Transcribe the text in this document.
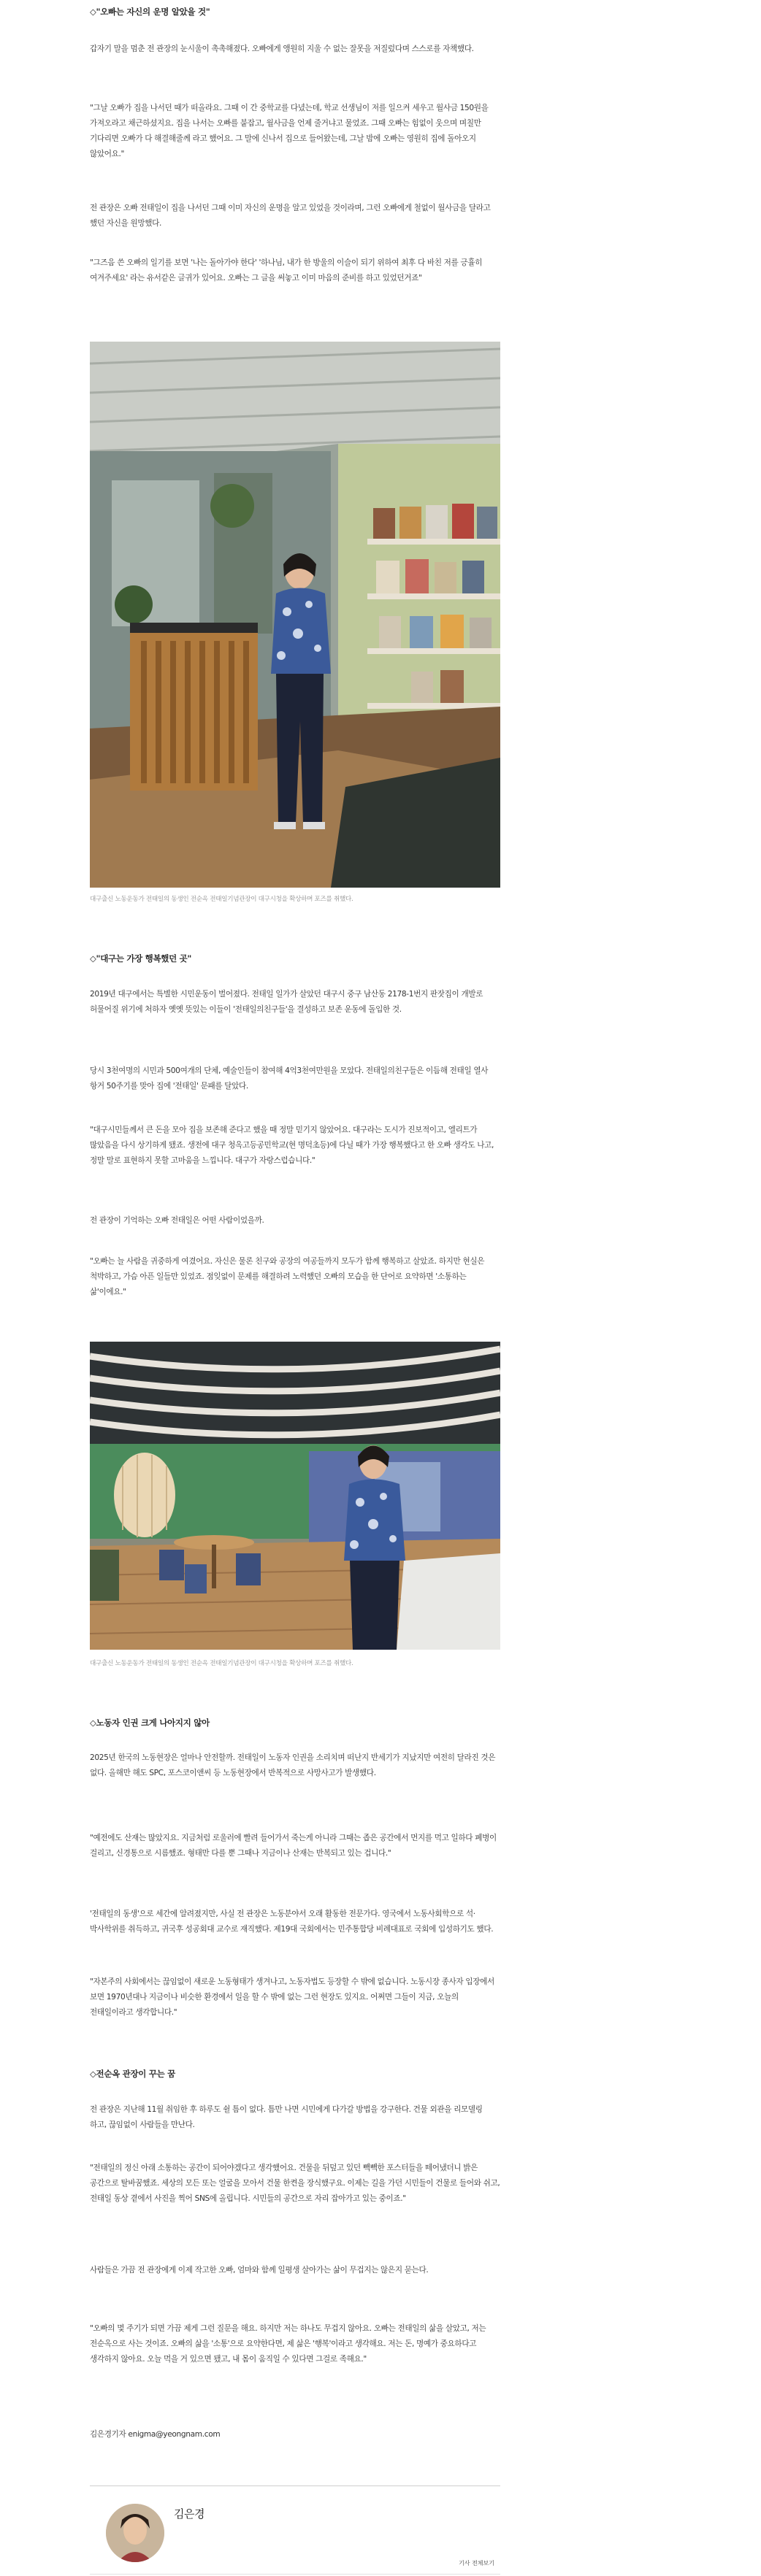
◇"오빠는 자신의 운명 알았을 것"

갑자기 말을 멈춘 전 관장의 눈시울이 촉촉해졌다. 오빠에게 앵원히 지울 수 없는 잘못을 저질렀다며 스스로를 자책했다.

"그날 오빠가 집을 나서던 때가 떠올라요. 그때 이 간 중학교를 다녔는데, 학교 선생님이 저를 일으켜 세우고 월사금 150원을 가져오라고 채근하셨지요. 집을 나서는 오빠를 붙잡고, 월사금을 언제 줄거냐고 물었죠. 그때 오빠는 힘없이 웃으며 며칠만 기다리면 오빠가 다 해결해줄께 라고 했어요. 그 말에 신나서 집으로 들어왔는데, 그날 밤에 오빠는 영원히 집에 돌아오지 않았어요."

전 관장은 오빠 전태일이 집을 나서던 그때 이미 자신의 운명을 알고 있었을 것이라며, 그런 오빠에게 철없이 월사금을 달라고 했던 자신을 원망했다.

"그즈음 쓴 오빠의 일기를 보면 '나는 돌아가야 한다' '하나님, 내가 한 방울의 이슬이 되기 위하여 최후 다 바친 저를 긍휼히 여겨주세요' 라는 유서같은 글귀가 있어요. 오빠는 그 글을 써놓고 이미 마음의 준비를 하고 있었던거죠"

대구출신 노동운동가 전태일의 동생인 전순옥 전태일기념관장이 대구시청을 확상하며 포즈를 취했다.
◇"대구는 가장 행복했던 곳"

2019년 대구에서는 특별한 시민운동이 벌어졌다. 전태일 일가가 살았던 대구시 중구 남산동 2178-1번지 판잣집이 개발로 허물어질 위기에 처하자 옛옛 뜻있는 이들이 '전태일의친구들'을 결성하고 보존 운동에 돌입한 것.

당시 3천여명의 시민과 500여개의 단체, 예술인들이 참여해 4억3천여만원을 모았다. 전태일의친구들은 이듬해 전태일 열사 항거 50주기를 맞아 집에 '전태일' 문패를 달았다.

"대구시민들께서 큰 돈을 모아 집을 보존해 준다고 했을 때 정말 믿기지 않았어요. 대구라는 도시가 진보적이고, 엘리트가 많았음을 다시 상기하게 됐죠. 생전에 대구 청옥고등공민학교(현 명덕초등)에 다닐 때가 가장 행복했다고 한 오빠 생각도 나고, 정말 말로 표현하지 못할 고마움을 느낍니다. 대구가 자랑스럽습니다."

전 관장이 기억하는 오빠 전태일은 어떤 사람이었을까.

"오빠는 늘 사람을 귀중하게 여겼어요. 자신은 물론 친구와 공장의 여공들까지 모두가 함께 행복하고 살았죠. 하지만 현실은 척박하고, 가슴 아픈 일들만 있었죠. 점잊없이 문제를 해결하려 노력했던 오빠의 모습을 한 단어로 요약하면 '소통하는 삶'이에요."

대구출신 노동운동가 전태일의 동생인 전순옥 전태일기념관장이 대구시청을 확상하며 포즈를 취했다.
◇노동자 인권 크게 나아지지 않아

2025년 한국의 노동현장은 얼마나 안전할까. 전태일이 노동자 인권을 소리치며 떠난지 반세기가 지났지만 여전히 달라진 것은 없다. 올해만 해도 SPC, 포스코이앤씨 등 노동현장에서 반복적으로 사망사고가 발생했다.

"예전에도 산재는 많았지요. 지금처럼 로울러에 빨려 들어가서 죽는게 아니라 그때는 좁은 공간에서 먼지를 먹고 일하다 폐병이 걸리고, 신경통으로 시름했죠. 형태만 다를 뿐 그때나 지금이나 산재는 반복되고 있는 겁니다."

'전태일의 동생'으로 세간에 알려졌지만, 사실 전 관장은 노동분야서 오래 활동한 전문가다. 영국에서 노동사회학으로 석·박사학위를 취득하고, 귀국후 성공회대 교수로 재직했다. 제19대 국회에서는 민주통합당 비례대표로 국회에 입성하기도 했다.

"자본주의 사회에서는 끊임없이 새로운 노동형태가 생겨나고, 노동자법도 등장할 수 밖에 없습니다. 노동시장 종사자 입장에서 보면 1970년대나 지금이나 비슷한 환경에서 일을 할 수 밖에 없는 그런 현장도 있지요. 어쩌면 그들이 지금, 오늘의 전태일이라고 생각합니다."

◇전순옥 관장이 꾸는 꿈

전 관장은 지난해 11월 취임한 후 하루도 쉴 틈이 없다. 틈만 나면 시민에게 다가갈 방법을 강구한다. 건물 외관을 리모델링 하고, 끊임없이 사람들을 만난다.

"전태일의 정신 아래 소통하는 공간이 되어야겠다고 생각했어요. 건물을 뒤덮고 있던 빽빽한 포스터들을 떼어냈더니 밝은 공간으로 탈바꿈했죠. 세상의 모든 또는 얼굴을 모아서 건물 한켠을 장식했구요. 이제는 길을 가던 시민들이 건물로 들어와 쉬고, 전태일 동상 곁에서 사진을 찍어 SNS에 올립니다. 시민들의 공간으로 자리 잡아가고 있는 중이죠."

사람들은 가끔 전 관장에게 이제 작고한 오빠, 엄마와 함께 일평생 살아가는 삶이 무겁지는 않은지 묻는다.

"오빠의 몇 주기가 되면 가끔 제게 그런 질문을 해요. 하지만 저는 하나도 무겁지 않아요. 오빠는 전태일의 삶을 살았고, 저는 전순옥으로 사는 것이죠. 오빠의 삶을 '소통'으로 요약한다면, 제 삶은 '행복'이라고 생각해요. 저는 돈, 명예가 중요하다고 생각하지 않아요. 오늘 먹을 거 있으면 됐고, 내 몸이 움직일 수 있다면 그걸로 족해요."

김은경기자 enigma@yeongnam.com

김은경
기사 전체보기
